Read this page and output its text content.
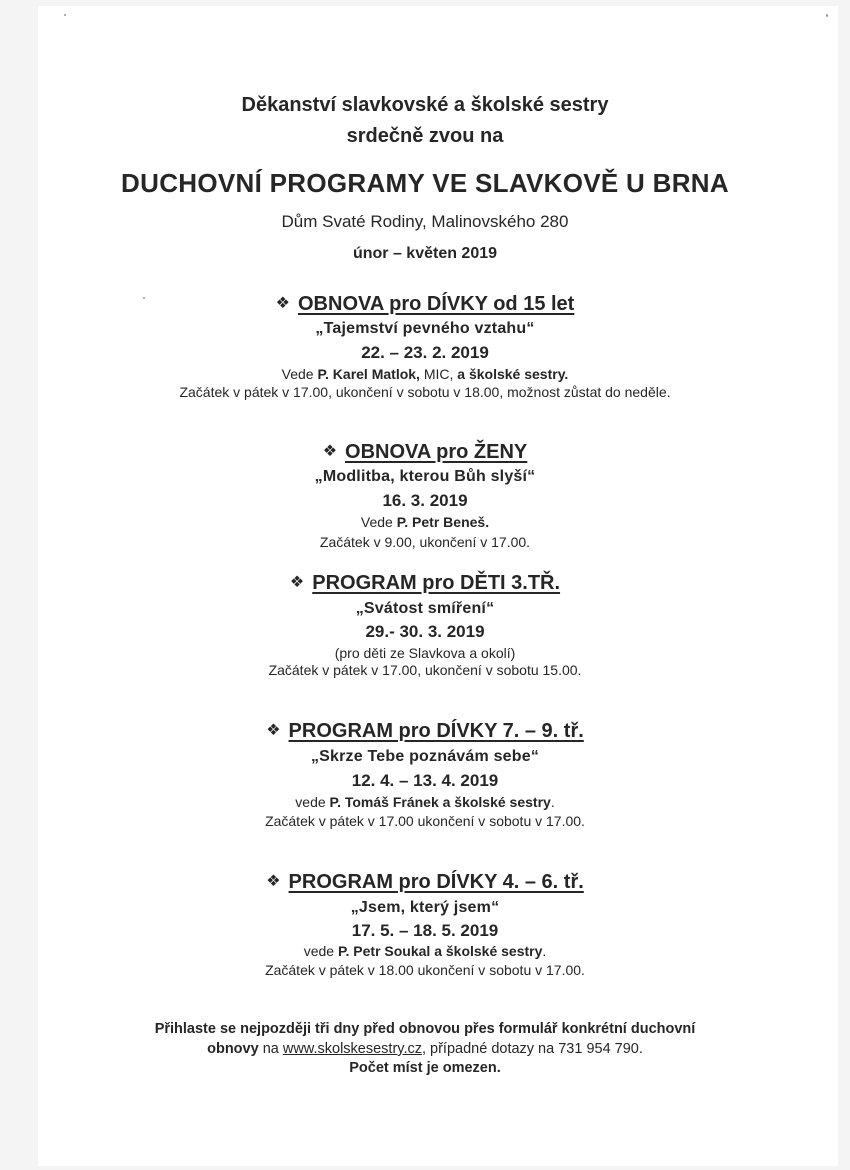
Děkanství slavkovské a školské sestry
srdečně zvou na
DUCHOVNÍ PROGRAMY VE SLAVKOVĚ U BRNA
Dům Svaté Rodiny, Malinovského 280
únor – květen 2019
❖ OBNOVA pro DÍVKY od 15 let
„Tajemství pevného vztahu“
22. – 23. 2. 2019
Vede P. Karel Matlok, MIC, a školské sestry.
Začátek v pátek v 17.00, ukončení v sobotu v 18.00, možnost zůstat do neděle.
❖ OBNOVA pro ŽENY
„Modlitba, kterou Bůh slyší“
16. 3. 2019
Vede P. Petr Beneš.
Začátek v 9.00, ukončení v 17.00.
❖ PROGRAM pro DĚTI 3.TŘ.
„Svátost smíření“
29.- 30. 3. 2019
(pro děti ze Slavkova a okolí)
Začátek v pátek v 17.00, ukončení v sobotu 15.00.
❖ PROGRAM pro DÍVKY 7. – 9. tř.
„Skrze Tebe poznávám sebe“
12. 4. – 13. 4. 2019
vede P. Tomáš Fránek a školské sestry.
Začátek v pátek v 17.00 ukončení v sobotu v 17.00.
❖ PROGRAM pro DÍVKY 4. – 6. tř.
„Jsem, který jsem“
17. 5. – 18. 5. 2019
vede P. Petr Soukal a školské sestry.
Začátek v pátek v 18.00 ukončení v sobotu v 17.00.
Přihlaste se nejpozději tři dny před obnovou přes formulář konkrétní duchovní
obnovy na www.skolskesestry.cz, případné dotazy na 731 954 790.
Počet míst je omezen.
